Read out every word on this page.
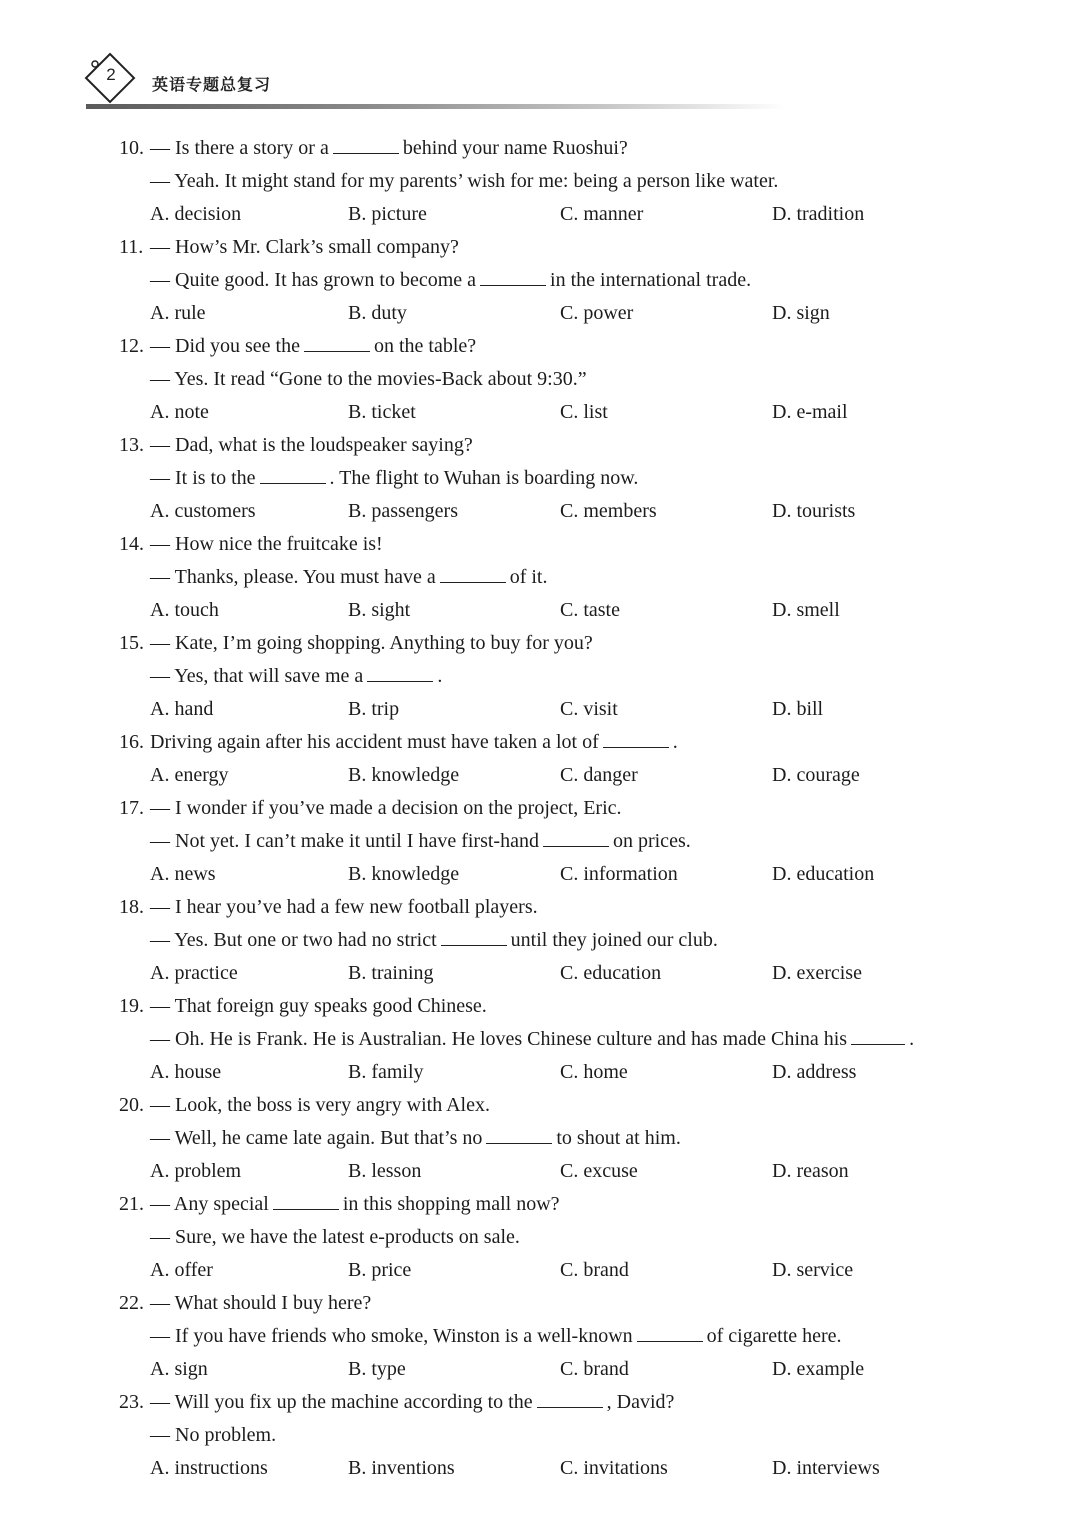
2
英语专题总复习
10. — Is there a story or a	behind your name Ruoshui?
— Yeah. It might stand for my parents’ wish for me: being a person like water.
A. decision	B. picture	C. manner	D. tradition
11. — How’s Mr. Clark’s small company?
— Quite good. It has grown to become a	in the international trade.
A. rule	B. duty	C. power	D. sign
12. — Did you see the	on the table?
— Yes. It read “Gone to the movies-Back about 9:30.”
A. note	B. ticket	C. list	D. e-mail
13. — Dad, what is the loudspeaker saying?
— It is to the	. The flight to Wuhan is boarding now.
A. customers	B. passengers	C. members	D. tourists
14. — How nice the fruitcake is!
— Thanks, please. You must have a	of it.
A. touch	B. sight	C. taste	D. smell
15. — Kate, I’m going shopping. Anything to buy for you?
— Yes, that will save me a	.
A. hand	B. trip	C. visit	D. bill
16. Driving again after his accident must have taken a lot of	.
A. energy	B. knowledge	C. danger	D. courage
17. — I wonder if you’ve made a decision on the project, Eric.
— Not yet. I can’t make it until I have first-hand	on prices.
A. news	B. knowledge	C. information	D. education
18. — I hear you’ve had a few new football players.
— Yes. But one or two had no strict	until they joined our club.
A. practice	B. training	C. education	D. exercise
19. — That foreign guy speaks good Chinese.
— Oh. He is Frank. He is Australian. He loves Chinese culture and has made China his	.
A. house	B. family	C. home	D. address
20. — Look, the boss is very angry with Alex.
— Well, he came late again. But that’s no	to shout at him.
A. problem	B. lesson	C. excuse	D. reason
21. — Any special	in this shopping mall now?
— Sure, we have the latest e-products on sale.
A. offer	B. price	C. brand	D. service
22. — What should I buy here?
— If you have friends who smoke, Winston is a well-known	of cigarette here.
A. sign	B. type	C. brand	D. example
23. — Will you fix up the machine according to the	, David?
— No problem.
A. instructions	B. inventions	C. invitations	D. interviews
